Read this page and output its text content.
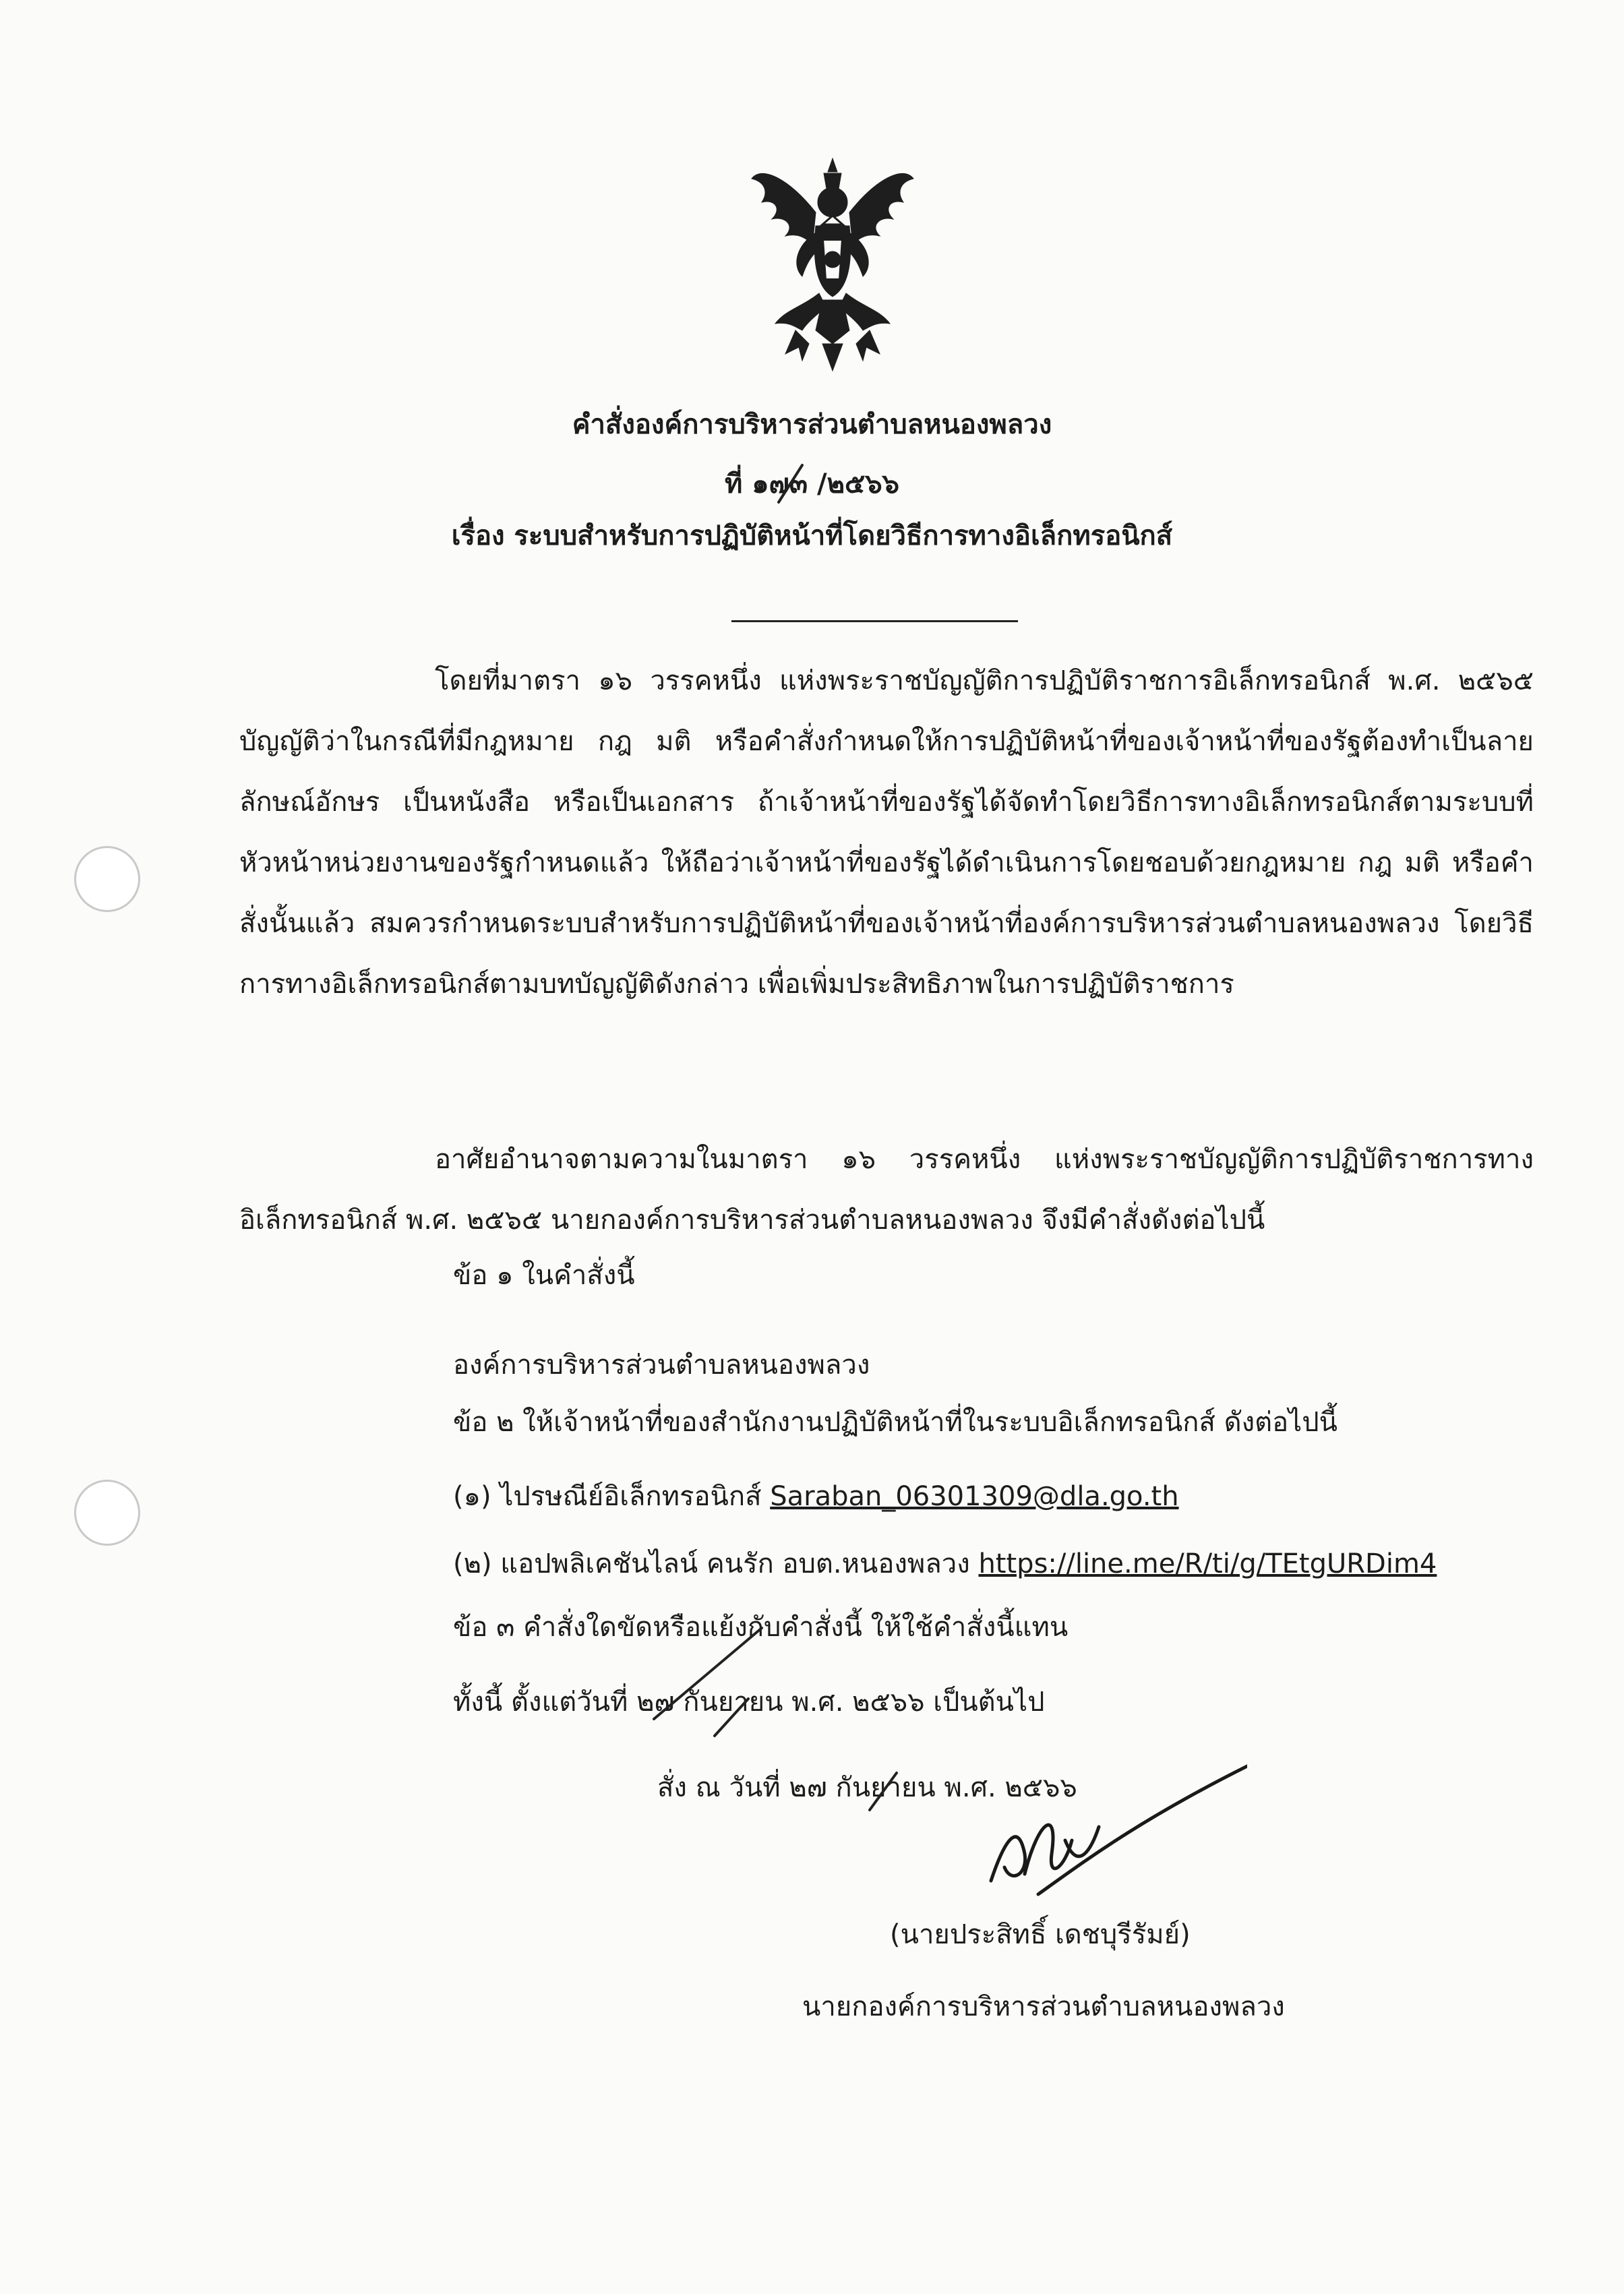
คำสั่งองค์การบริหารส่วนตำบลหนองพลวง
ที่ ๑๗๓ /๒๕๖๖
เรื่อง ระบบสำหรับการปฏิบัติหน้าที่โดยวิธีการทางอิเล็กทรอนิกส์

โดยที่มาตรา ๑๖ วรรคหนึ่ง แห่งพระราชบัญญัติการปฏิบัติราชการอิเล็กทรอนิกส์ พ.ศ. ๒๕๖๕ บัญญัติว่าในกรณีที่มีกฎหมาย กฎ มติ หรือคำสั่งกำหนดให้การปฏิบัติหน้าที่ของเจ้าหน้าที่ของรัฐต้องทำเป็นลายลักษณ์อักษร เป็นหนังสือ หรือเป็นเอกสาร ถ้าเจ้าหน้าที่ของรัฐได้จัดทำโดยวิธีการทางอิเล็กทรอนิกส์ตามระบบที่หัวหน้าหน่วยงานของรัฐกำหนดแล้ว ให้ถือว่าเจ้าหน้าที่ของรัฐได้ดำเนินการโดยชอบด้วยกฎหมาย กฎ มติ หรือคำสั่งนั้นแล้ว สมควรกำหนดระบบสำหรับการปฏิบัติหน้าที่ของเจ้าหน้าที่องค์การบริหารส่วนตำบลหนองพลวง โดยวิธีการทางอิเล็กทรอนิกส์ตามบทบัญญัติดังกล่าว เพื่อเพิ่มประสิทธิภาพในการปฏิบัติราชการ

อาศัยอำนาจตามความในมาตรา ๑๖ วรรคหนึ่ง แห่งพระราชบัญญัติการปฏิบัติราชการทางอิเล็กทรอนิกส์ พ.ศ. ๒๕๖๕ นายกองค์การบริหารส่วนตำบลหนองพลวง จึงมีคำสั่งดังต่อไปนี้

ข้อ ๑ ในคำสั่งนี้
องค์การบริหารส่วนตำบลหนองพลวง
ข้อ ๒ ให้เจ้าหน้าที่ของสำนักงานปฏิบัติหน้าที่ในระบบอิเล็กทรอนิกส์ ดังต่อไปนี้
(๑) ไปรษณีย์อิเล็กทรอนิกส์ Saraban_06301309@dla.go.th
(๒) แอปพลิเคชันไลน์ คนรัก อบต.หนองพลวง https://line.me/R/ti/g/TEtgURDim4
ข้อ ๓ คำสั่งใดขัดหรือแย้งกับคำสั่งนี้ ให้ใช้คำสั่งนี้แทน
ทั้งนี้ ตั้งแต่วันที่ ๒๗ กันยายน พ.ศ. ๒๕๖๖ เป็นต้นไป
สั่ง ณ วันที่ ๒๗ กันยายน พ.ศ. ๒๕๖๖
(นายประสิทธิ์ เดชบุรีรัมย์)
นายกองค์การบริหารส่วนตำบลหนองพลวง
